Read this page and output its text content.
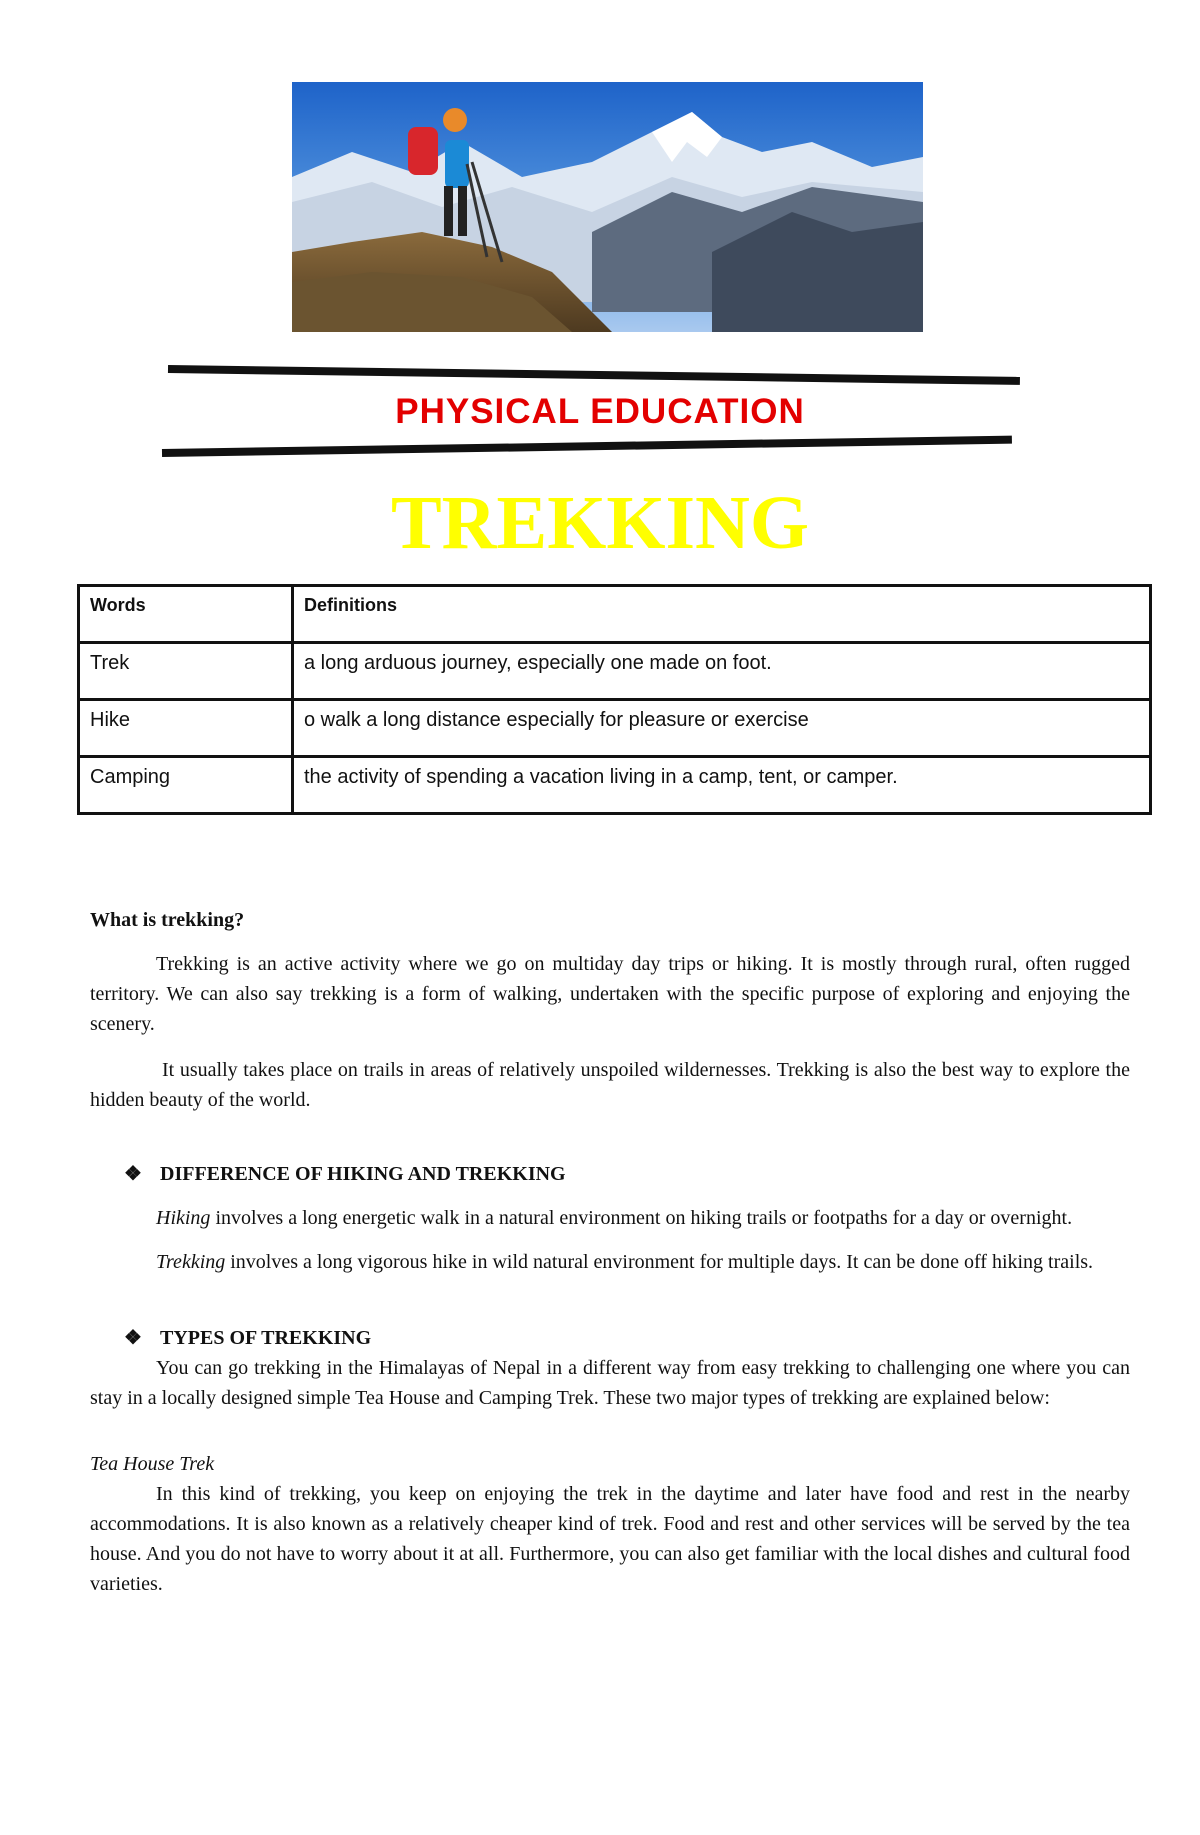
PHYSICAL EDUCATION
TREKKING
Words	Definitions
Trek	a long arduous journey, especially one made on foot.
Hike	o walk a long distance especially for pleasure or exercise
Camping	the activity of spending a vacation living in a camp, tent, or camper.

What is trekking?

Trekking is an active activity where we go on multiday day trips or hiking. It is mostly through rural, often rugged territory. We can also say trekking is a form of walking, undertaken with the specific purpose of exploring and enjoying the scenery.

It usually takes place on trails in areas of relatively unspoiled wildernesses. Trekking is also the best way to explore the hidden beauty of the world.

❖ DIFFERENCE OF HIKING AND TREKKING

Hiking involves a long energetic walk in a natural environment on hiking trails or footpaths for a day or overnight.

Trekking involves a long vigorous hike in wild natural environment for multiple days. It can be done off hiking trails.

❖ TYPES OF TREKKING

You can go trekking in the Himalayas of Nepal in a different way from easy trekking to challenging one where you can stay in a locally designed simple Tea House and Camping Trek. These two major types of trekking are explained below:

Tea House Trek

In this kind of trekking, you keep on enjoying the trek in the daytime and later have food and rest in the nearby accommodations. It is also known as a relatively cheaper kind of trek. Food and rest and other services will be served by the tea house. And you do not have to worry about it at all. Furthermore, you can also get familiar with the local dishes and cultural food varieties.
